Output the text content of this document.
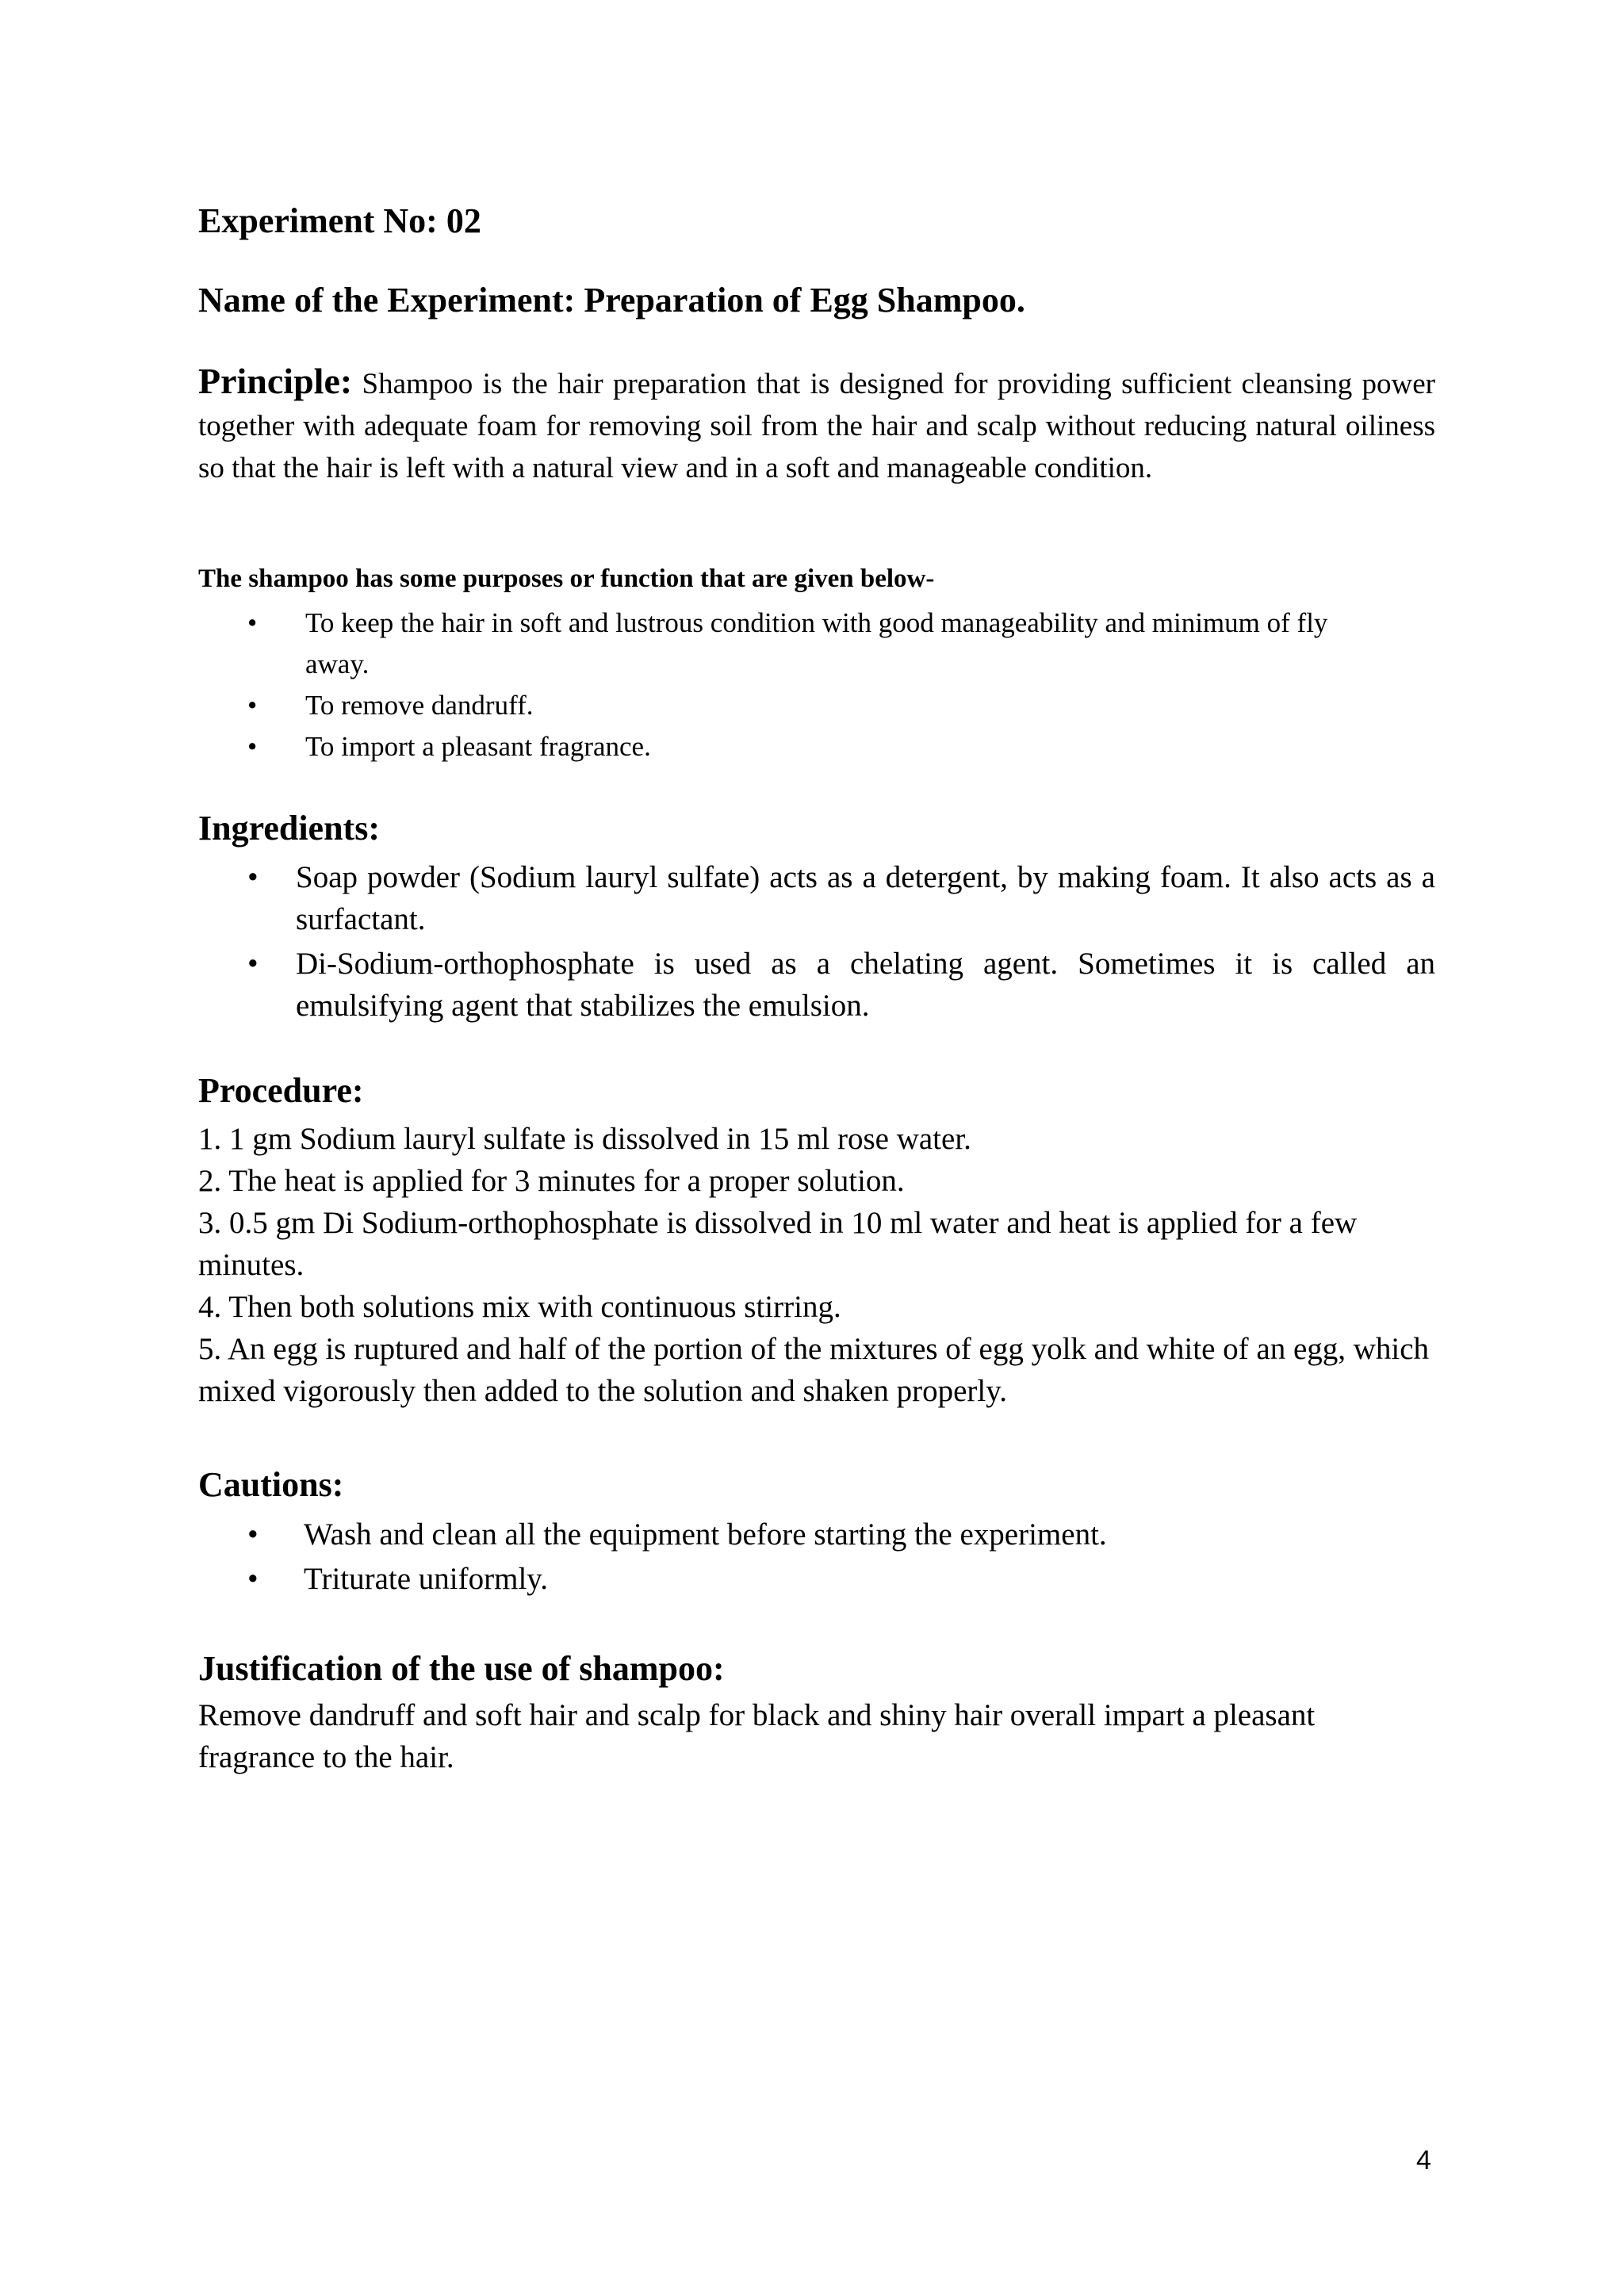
Experiment No: 02
Name of the Experiment: Preparation of Egg Shampoo.
Principle: Shampoo is the hair preparation that is designed for providing sufficient cleansing power together with adequate foam for removing soil from the hair and scalp without reducing natural oiliness so that the hair is left with a natural view and in a soft and manageable condition.
The shampoo has some purposes or function that are given below-
• To keep the hair in soft and lustrous condition with good manageability and minimum of fly away.
• To remove dandruff.
• To import a pleasant fragrance.
Ingredients:
• Soap powder (Sodium lauryl sulfate) acts as a detergent, by making foam. It also acts as a surfactant.
• Di-Sodium-orthophosphate is used as a chelating agent. Sometimes it is called an emulsifying agent that stabilizes the emulsion.
Procedure:

1. 1 gm Sodium lauryl sulfate is dissolved in 15 ml rose water.

2. The heat is applied for 3 minutes for a proper solution.

3. 0.5 gm Di Sodium-orthophosphate is dissolved in 10 ml water and heat is applied for a few minutes.

4. Then both solutions mix with continuous stirring.

5. An egg is ruptured and half of the portion of the mixtures of egg yolk and white of an egg, which mixed vigorously then added to the solution and shaken properly.

Cautions:
• Wash and clean all the equipment before starting the experiment.
• Triturate uniformly.
Justification of the use of shampoo:
Remove dandruff and soft hair and scalp for black and shiny hair overall impart a pleasant fragrance to the hair.
4
